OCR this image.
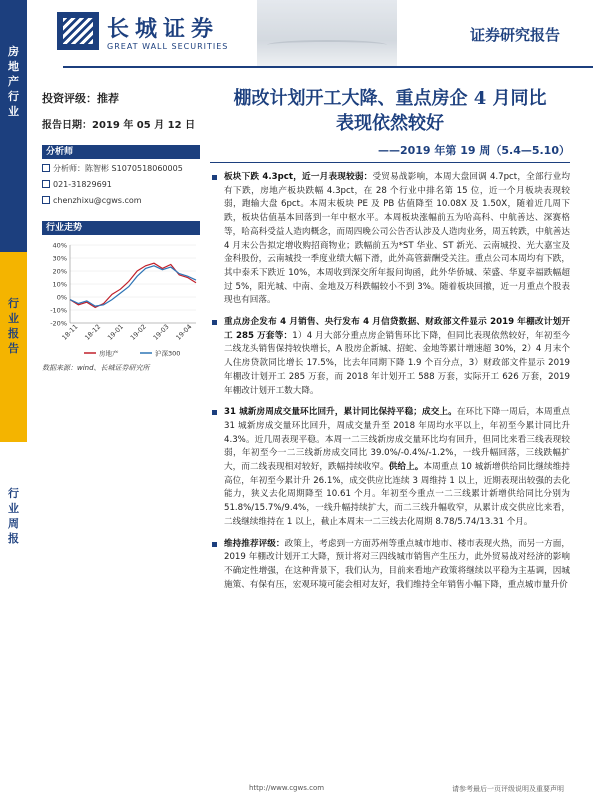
房
地
产
行
业
行
业
报
告
行
业
周
报
长城证券
GREAT WALL SECURITIES
证券研究报告
投资评级：推荐
报告日期：2019 年 05 月 12 日
分析师
分析师：陈智彬 S1070518060005
021-31829691
chenzhixu@cgws.com
行业走势
40%
30%
20%
10%
0%
-10%
-20%
18-11 18-12 19-01 19-02 19-03 19-04
房地产	沪深300
数据来源：wind、长城证券研究所
棚改计划开工大降、重点房企 4 月同比
表现依然较好
——2019 年第 19 周（5.4—5.10）
板块下跌 4.3pct，近一月表现较弱：受贸易战影响，本周大盘回调 4.7pct，全部行业均有下跌，房地产板块跌幅 4.3pct，在 28 个行业中排名第 15 位，近一个月板块表现较弱，跑输大盘 6pct。本周末板块 PE 及 PB 估值降至 10.08X 及 1.50X，随着近几周下跌，板块估值基本回落到一年中枢水平。本周板块涨幅前五为哈高科、中航善达、深赛格等，哈高科受益人造肉概念，而周四晚公司公告否认涉及人造肉业务，周五转跌，中航善达 4 月末公告拟定增收购招商物业；跌幅前五为*ST 华业、ST 新光、云南城投、光大嘉宝及金科股份，云南城投一季度业绩大幅下滑，此外高管薪酬受关注。重点公司本周均有下跌，其中泰禾下跌近 10%，本周收到深交所年报问询函，此外华侨城、荣盛、华夏幸福跌幅超过 5%，阳光城、中南、金地及万科跌幅较小不到 3%。随着板块回撤，近一月重点个股表现也有回落。
重点房企发布 4 月销售、央行发布 4 月信贷数据、财政部文件显示 2019 年棚改计划开工 285 万套等：1）4 月大部分重点房企销售环比下降，但同比表现依然较好，年初至今二线龙头销售保持较快增长，A 股房企新城、招蛇、金地等累计增速超 30%，2）4 月末个人住房贷款同比增长 17.5%，比去年同期下降 1.9 个百分点，3）财政部文件显示 2019 年棚改计划开工 285 万套，而 2018 年计划开工 588 万套，实际开工 626 万套，2019 年棚改计划开工数大降。
31 城新房周成交量环比回升，累计同比保持平稳；成交上。在环比下降一周后，本周重点 31 城新房成交量环比回升，周成交量升至 2018 年周均水平以上，年初至今累计同比升 4.3%。近几周表现平稳。本周一二三线新房成交量环比均有回升，但同比来看三线表现较弱，年初至今一二三线新房成交同比 39.0%/-0.4%/-1.2%，一线升幅回落，三线跌幅扩大，而二线表现相对较好，跌幅持续收窄。供给上。本周重点 10 城新增供给同比继续维持高位，年初至今累计升 26.1%，成交供应比连续 3 周维持 1 以上，近期表现出较强的去化能力，狭义去化周期降至 10.61 个月。年初至今重点一二三线累计新增供给同比分别为 51.8%/15.7%/9.4%，一线升幅持续扩大，而二三线升幅收窄，从累计成交供应比来看，二线继续维持在 1 以上，截止本周末一二三线去化周期 8.78/5.74/13.31 个月。
维持推荐评级：政策上，考虑到一方面苏州等重点城市地市、楼市表现火热，而另一方面，2019 年棚改计划开工大降，预计将对三四线城市销售产生压力，此外贸易战对经济的影响不确定性增强，在这种背景下，我们认为，目前来看地产政策将继续以平稳为主基调，因城施策、有保有压，宏观环境可能会相对友好，我们维持全年销售小幅下降，重点城市量升价
http://www.cgws.com	请参考最后一页评级说明及重要声明
